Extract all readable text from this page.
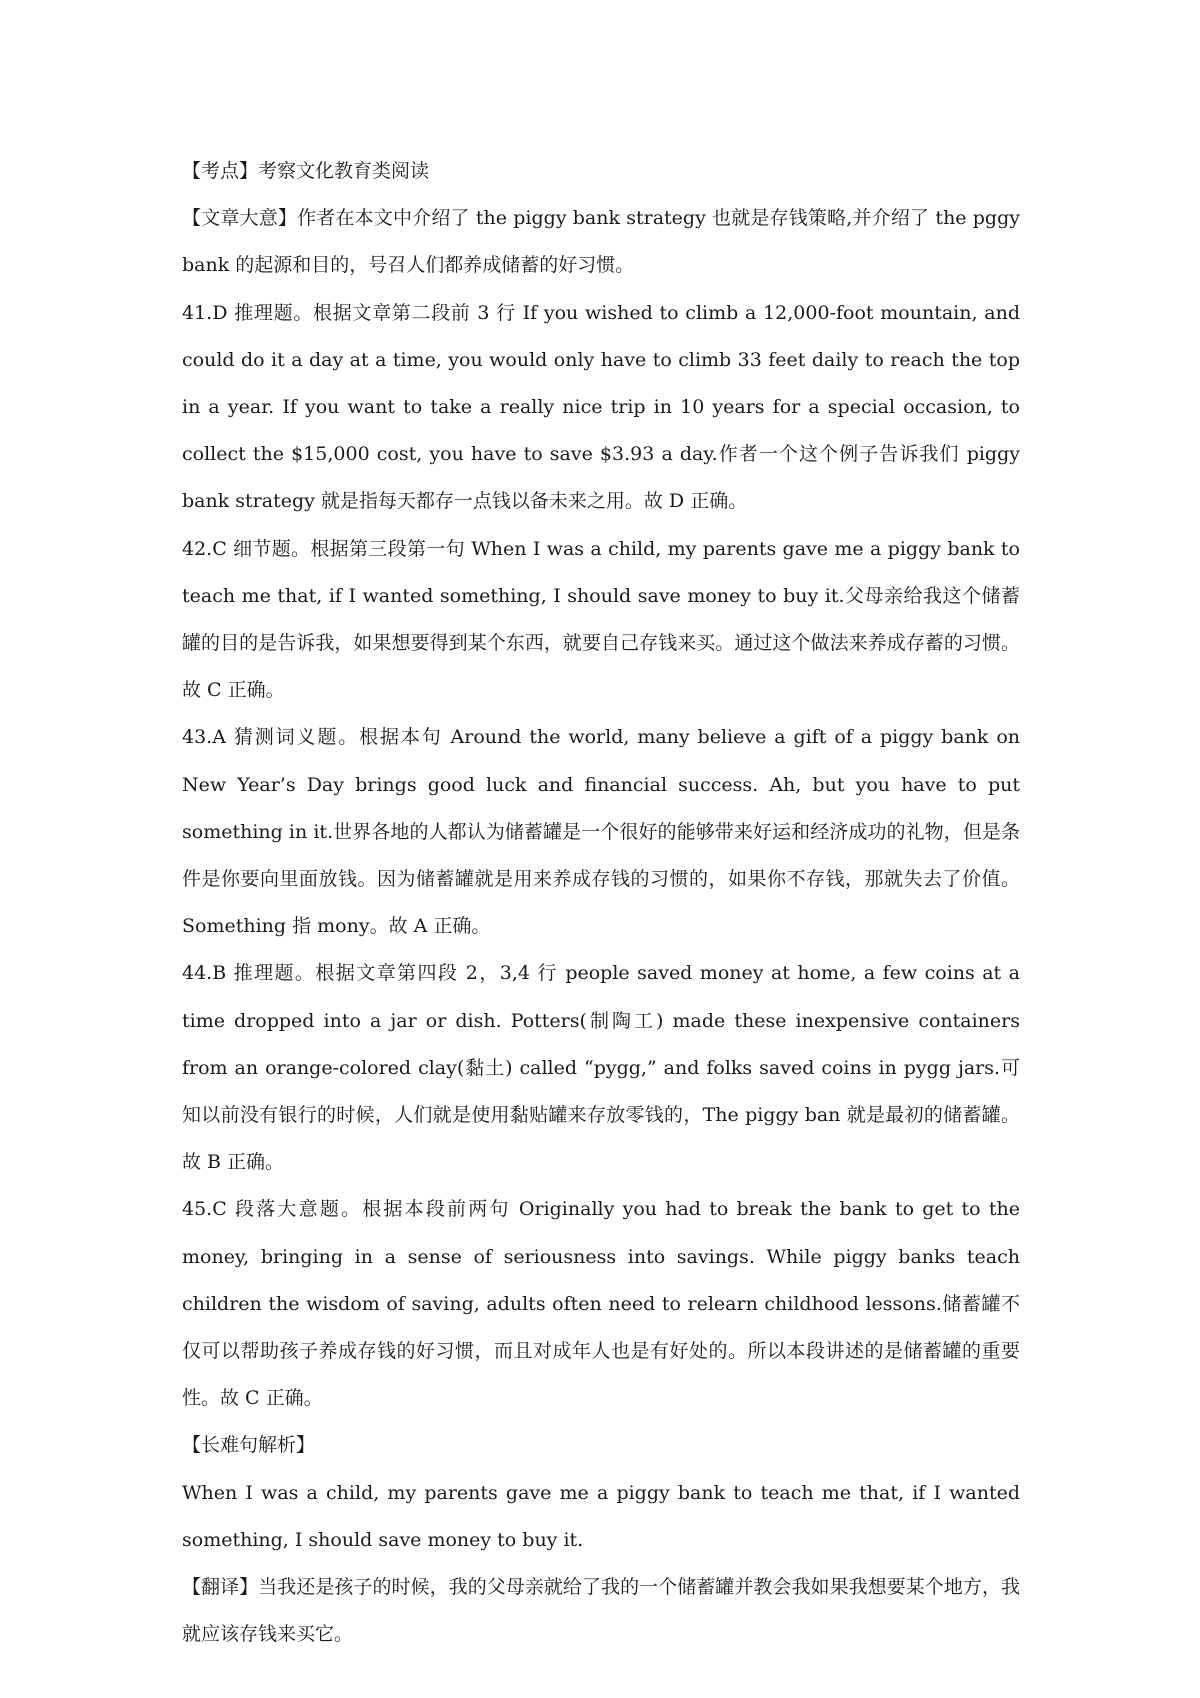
【考点】考察文化教育类阅读

【文章大意】作者在本文中介绍了 the piggy bank strategy 也就是存钱策略,并介绍了 the pggy bank 的起源和目的，号召人们都养成储蓄的好习惯。

41.D 推理题。根据文章第二段前 3 行 If you wished to climb a 12,000-foot mountain, and could do it a day at a time, you would only have to climb 33 feet daily to reach the top in a year. If you want to take a really nice trip in 10 years for a special occasion, to collect the $15,000 cost, you have to save $3.93 a day.作者一个这个例子告诉我们 piggy bank strategy 就是指每天都存一点钱以备未来之用。故 D 正确。

42.C 细节题。根据第三段第一句 When I was a child, my parents gave me a piggy bank to teach me that, if I wanted something, I should save money to buy it.父母亲给我这个储蓄罐的目的是告诉我，如果想要得到某个东西，就要自己存钱来买。通过这个做法来养成存蓄的习惯。故 C 正确。

43.A 猜测词义题。根据本句 Around the world, many believe a gift of a piggy bank on New Year’s Day brings good luck and financial success. Ah, but you have to put something in it.世界各地的人都认为储蓄罐是一个很好的能够带来好运和经济成功的礼物，但是条件是你要向里面放钱。因为储蓄罐就是用来养成存钱的习惯的，如果你不存钱，那就失去了价值。Something 指 mony。故 A 正确。

44.B 推理题。根据文章第四段 2，3,4 行 people saved money at home, a few coins at a time dropped into a jar or dish. Potters(制陶工) made these inexpensive containers from an orange-colored clay(黏土) called “pygg,” and folks saved coins in pygg jars.可知以前没有银行的时候，人们就是使用黏贴罐来存放零钱的，The piggy ban 就是最初的储蓄罐。故 B 正确。

45.C 段落大意题。根据本段前两句 Originally you had to break the bank to get to the money, bringing in a sense of seriousness into savings. While piggy banks teach children the wisdom of saving, adults often need to relearn childhood lessons.储蓄罐不仅可以帮助孩子养成存钱的好习惯，而且对成年人也是有好处的。所以本段讲述的是储蓄罐的重要性。故 C 正确。

【长难句解析】

When I was a child, my parents gave me a piggy bank to teach me that, if I wanted something, I should save money to buy it.

【翻译】当我还是孩子的时候，我的父母亲就给了我的一个储蓄罐并教会我如果我想要某个地方，我就应该存钱来买它。
